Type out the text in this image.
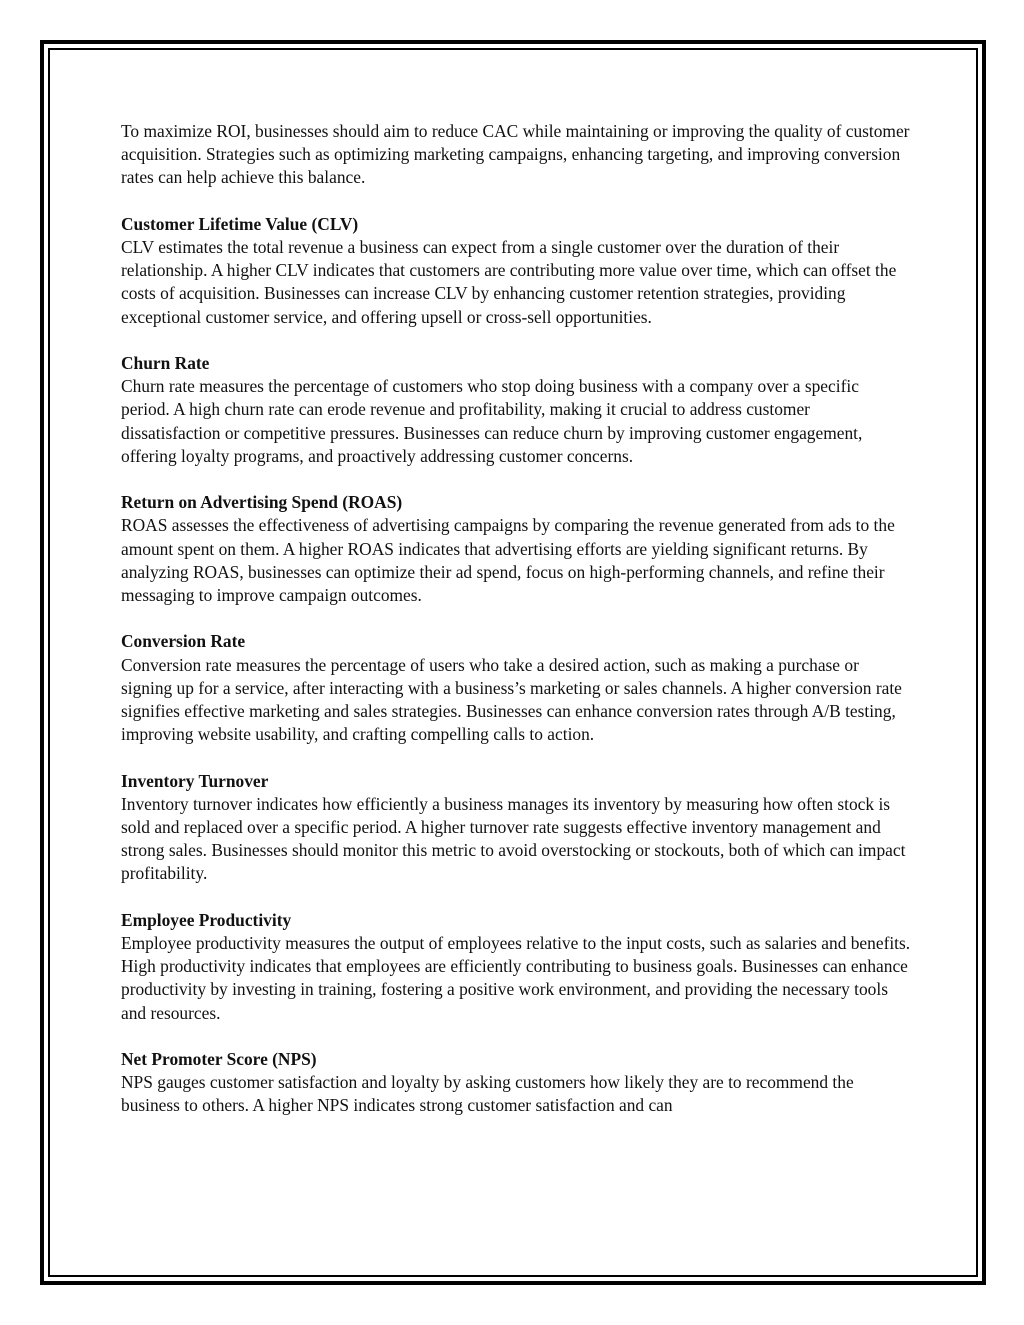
To maximize ROI, businesses should aim to reduce CAC while maintaining or improving the quality of customer acquisition. Strategies such as optimizing marketing campaigns, enhancing targeting, and improving conversion rates can help achieve this balance.

Customer Lifetime Value (CLV)
CLV estimates the total revenue a business can expect from a single customer over the duration of their relationship. A higher CLV indicates that customers are contributing more value over time, which can offset the costs of acquisition. Businesses can increase CLV by enhancing customer retention strategies, providing exceptional customer service, and offering upsell or cross-sell opportunities.
Churn Rate
Churn rate measures the percentage of customers who stop doing business with a company over a specific period. A high churn rate can erode revenue and profitability, making it crucial to address customer dissatisfaction or competitive pressures. Businesses can reduce churn by improving customer engagement, offering loyalty programs, and proactively addressing customer concerns.
Return on Advertising Spend (ROAS)
ROAS assesses the effectiveness of advertising campaigns by comparing the revenue generated from ads to the amount spent on them. A higher ROAS indicates that advertising efforts are yielding significant returns. By analyzing ROAS, businesses can optimize their ad spend, focus on high-performing channels, and refine their messaging to improve campaign outcomes.
Conversion Rate
Conversion rate measures the percentage of users who take a desired action, such as making a purchase or signing up for a service, after interacting with a business’s marketing or sales channels. A higher conversion rate signifies effective marketing and sales strategies. Businesses can enhance conversion rates through A/B testing, improving website usability, and crafting compelling calls to action.
Inventory Turnover
Inventory turnover indicates how efficiently a business manages its inventory by measuring how often stock is sold and replaced over a specific period. A higher turnover rate suggests effective inventory management and strong sales. Businesses should monitor this metric to avoid overstocking or stockouts, both of which can impact profitability.
Employee Productivity
Employee productivity measures the output of employees relative to the input costs, such as salaries and benefits. High productivity indicates that employees are efficiently contributing to business goals. Businesses can enhance productivity by investing in training, fostering a positive work environment, and providing the necessary tools and resources.
Net Promoter Score (NPS)
NPS gauges customer satisfaction and loyalty by asking customers how likely they are to recommend the business to others. A higher NPS indicates strong customer satisfaction and can
